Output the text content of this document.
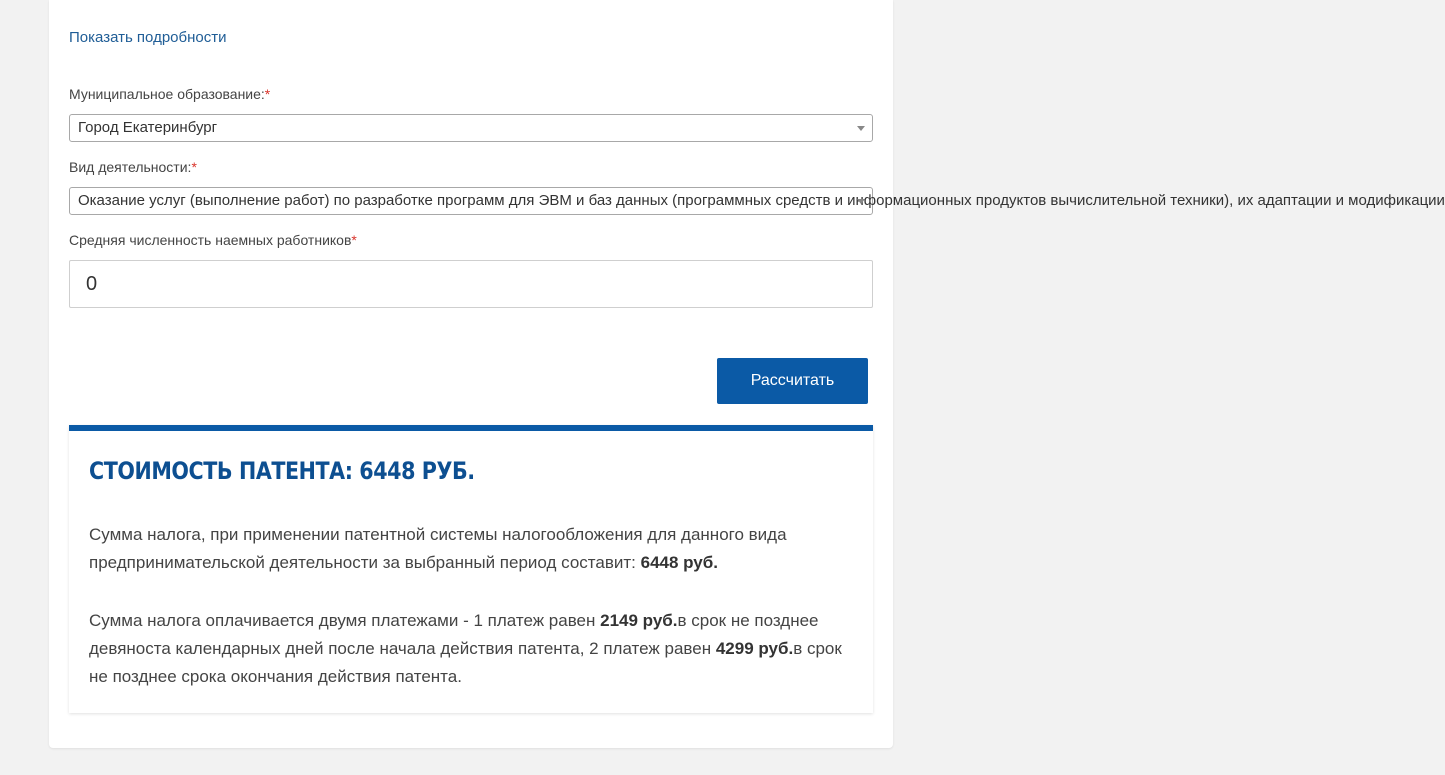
Показать подробности
Муниципальное образование:*
Город Екатеринбург
Вид деятельности:*
Оказание услуг (выполнение работ) по разработке программ для ЭВМ и баз данных (программных средств и информационных продуктов вычислительной техники), их адаптации и модификации
Средняя численность наемных работников*
0
Рассчитать
СТОИМОСТЬ ПАТЕНТА: 6448 РУБ.

Сумма налога, при применении патентной системы налогообложения для данного вида предпринимательской деятельности за выбранный период составит: 6448 руб.

Сумма налога оплачивается двумя платежами - 1 платеж равен 2149 руб.в срок не позднее девяноста календарных дней после начала действия патента, 2 платеж равен 4299 руб.в срок не позднее срока окончания действия патента.
